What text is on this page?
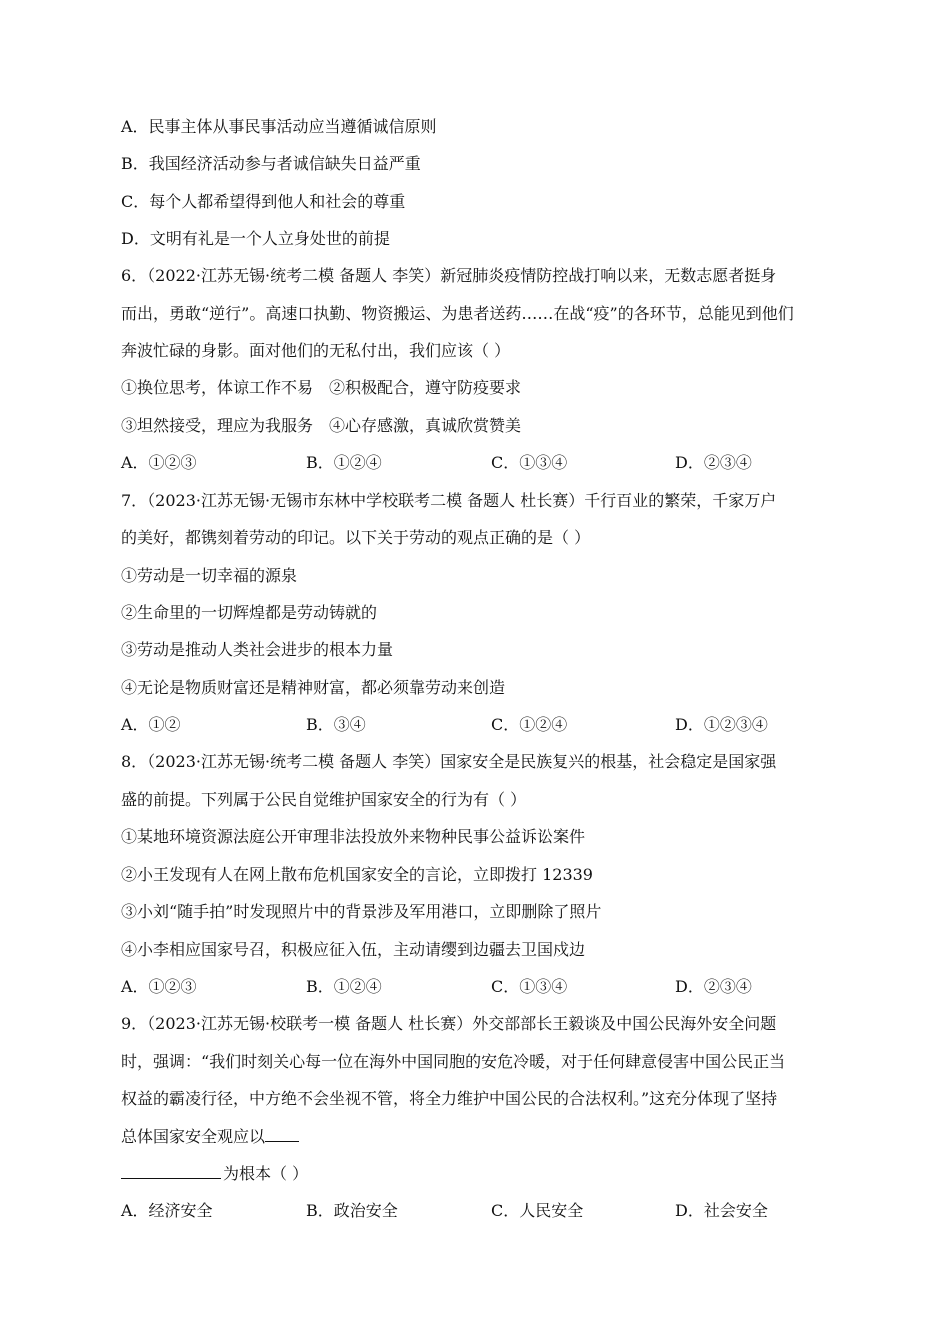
A．民事主体从事民事活动应当遵循诚信原则
B．我国经济活动参与者诚信缺失日益严重
C．每个人都希望得到他人和社会的尊重
D．文明有礼是一个人立身处世的前提
6．（2022·江苏无锡·统考二模 备题人 李笑）新冠肺炎疫情防控战打响以来，无数志愿者挺身
而出，勇敢“逆行”。高速口执勤、物资搬运、为患者送药……在战“疫”的各环节，总能见到他们
奔波忙碌的身影。面对他们的无私付出，我们应该（ ）
①换位思考，体谅工作不易　②积极配合，遵守防疫要求
③坦然接受，理应为我服务　④心存感激，真诚欣赏赞美
A．①②③	B．①②④	C．①③④	D．②③④
7．（2023·江苏无锡·无锡市东林中学校联考二模 备题人 杜长赛）千行百业的繁荣，千家万户
的美好，都镌刻着劳动的印记。以下关于劳动的观点正确的是（ ）
①劳动是一切幸福的源泉
②生命里的一切辉煌都是劳动铸就的
③劳动是推动人类社会进步的根本力量
④无论是物质财富还是精神财富，都必须靠劳动来创造
A．①②	B．③④	C．①②④	D．①②③④
8．（2023·江苏无锡·统考二模 备题人 李笑）国家安全是民族复兴的根基，社会稳定是国家强
盛的前提。下列属于公民自觉维护国家安全的行为有（ ）
①某地环境资源法庭公开审理非法投放外来物种民事公益诉讼案件
②小王发现有人在网上散布危机国家安全的言论，立即拨打 12339
③小刘“随手拍”时发现照片中的背景涉及军用港口，立即删除了照片
④小李相应国家号召，积极应征入伍，主动请缨到边疆去卫国戍边
A．①②③	B．①②④	C．①③④	D．②③④
9．（2023·江苏无锡·校联考一模 备题人 杜长赛）外交部部长王毅谈及中国公民海外安全问题
时，强调：“我们时刻关心每一位在海外中国同胞的安危冷暖，对于任何肆意侵害中国公民正当
权益的霸凌行径，中方绝不会坐视不管，将全力维护中国公民的合法权利。”这充分体现了坚持
总体国家安全观应以
为根本（ ）
A．经济安全	B．政治安全	C．人民安全	D．社会安全
